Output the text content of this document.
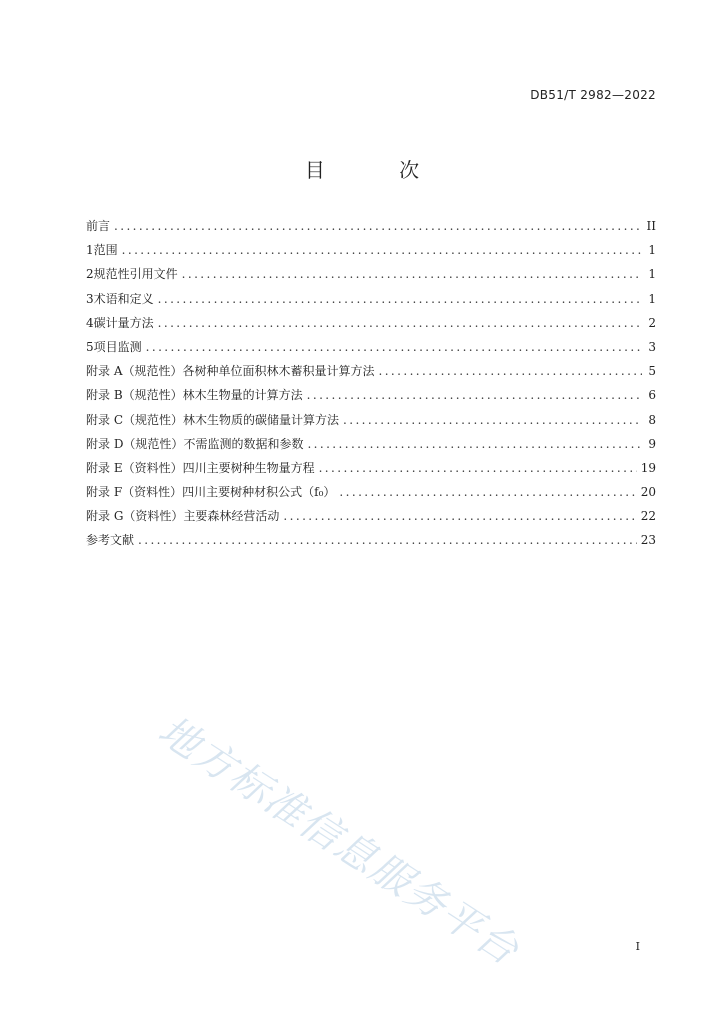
DB51/T 2982—2022
目 次
前言 .....	II
1 范围 .....	1
2 规范性引用文件 .....	1
3 术语和定义 .....	1
4 碳计量方法 .....	2
5 项目监测 .....	3
附录 A（规范性） 各树种单位面积林木蓄积量计算方法 .....	5
附录 B（规范性） 林木生物量的计算方法 .....	6
附录 C（规范性） 林木生物质的碳储量计算方法 .....	8
附录 D（规范性） 不需监测的数据和参数 .....	9
附录 E（资料性） 四川主要树种生物量方程 .....	19
附录 F（资料性） 四川主要树种材积公式（f₀） .....	20
附录 G（资料性） 主要森林经营活动 .....	22
参考文献 .....	23
地方标准信息服务平台	I
